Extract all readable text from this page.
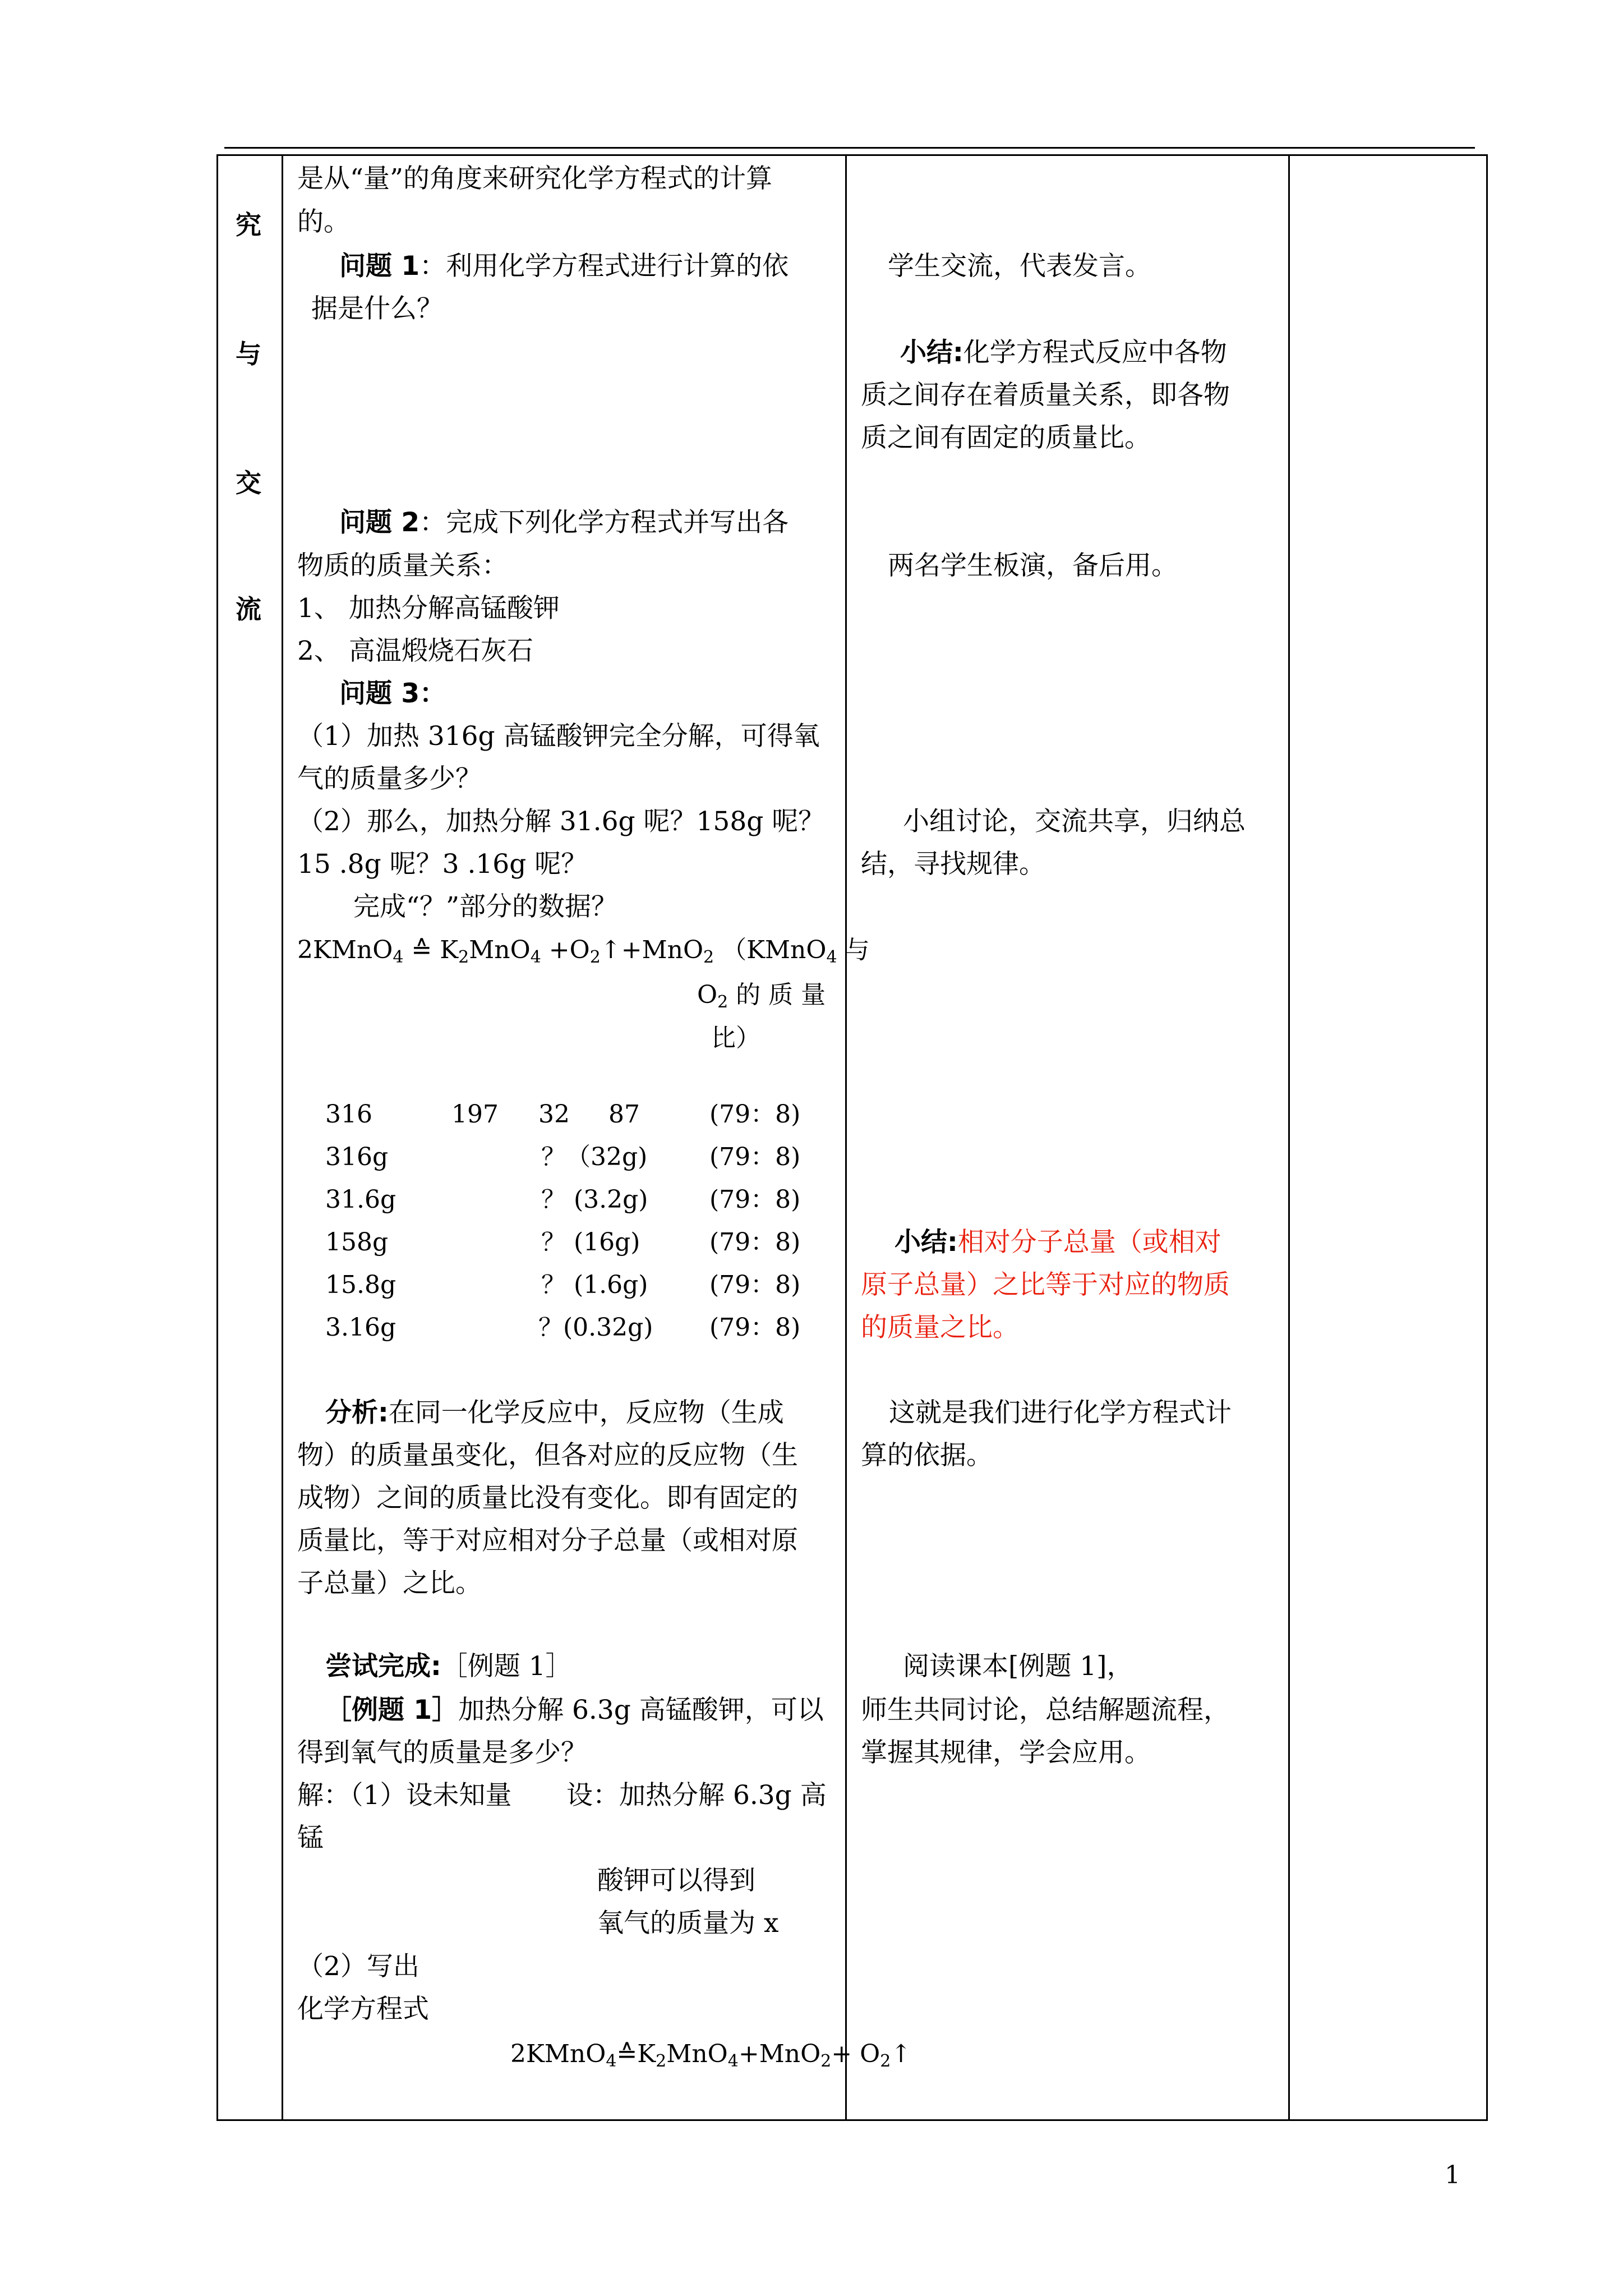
究
与
交
流
是从“量”的角度来研究化学方程式的计算
的。
问题 1：利用化学方程式进行计算的依
据是什么？
问题 2：完成下列化学方程式并写出各
物质的质量关系：
1、 加热分解高锰酸钾
2、 高温煅烧石灰石
问题 3：
（1）加热 316g 高锰酸钾完全分解，可得氧
气的质量多少？
（2）那么，加热分解 31.6g 呢？158g 呢？
15 .8g 呢？3 .16g 呢？
完成“？”部分的数据？
2KMnO$_4$ ≙ $K_2MnO_4$ $+O_2↑+MnO_2$ （KMnO$_4$ 与
$O_2$ 的 质 量
比）
316	197 32 87	(79：8)
316g	？（32g)	(79：8)
31.6g	？ (3.2g) (79：8)
158g	？ (16g)	(79：8)
15.8g	？ (1.6g) (79：8)
3.16g	？(0.32g) (79：8)
分析:在同一化学反应中，反应物（生成
物）的质量虽变化，但各对应的反应物（生
成物）之间的质量比没有变化。即有固定的
质量比，等于对应相对分子总量（或相对原
子总量）之比。
尝试完成:［例题 1］
［例题 1］加热分解 6.3g 高锰酸钾，可以
得到氧气的质量是多少？
解：（1）设未知量 设：加热分解 6.3g 高
锰
酸钾可以得到
氧气的质量为 x
（2）写出
化学方程式
$2KMnO_4≙K_2MnO_4+MnO_2+$ $O_2↑$
学生交流，代表发言。
小结:化学方程式反应中各物
质之间存在着质量关系，即各物
质之间有固定的质量比。
两名学生板演，备后用。
小组讨论，交流共享，归纳总
结，寻找规律。
小结:相对分子总量（或相对
原子总量）之比等于对应的物质
的质量之比。
这就是我们进行化学方程式计
算的依据。
阅读课本[例题 1]，
师生共同讨论，总结解题流程，
掌握其规律，学会应用。
1
